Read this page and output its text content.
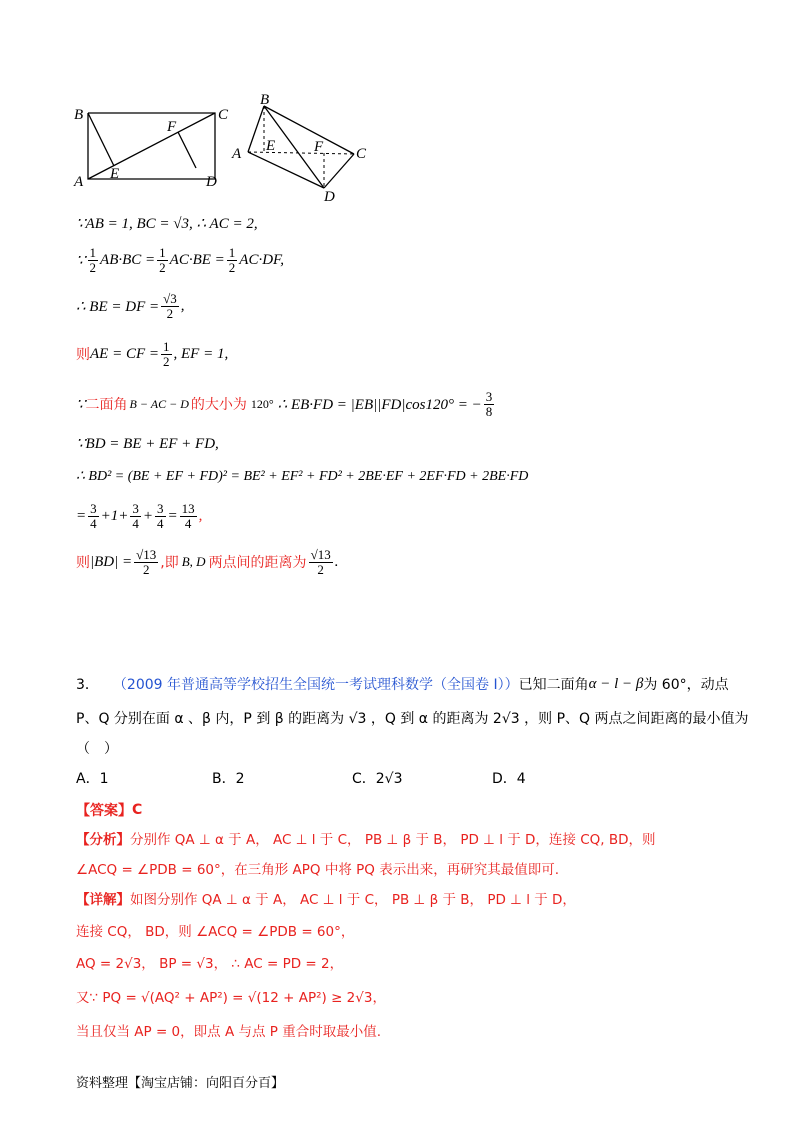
B	C
F
A E	D
B
E	F C
A
D
∵AB = 1, BC = √3, ∴ AC = 2,
∵ $\frac{1}{2} AB\cdot BC = \frac{1}{2} AC\cdot BE = \frac{1}{2} AC\cdot DF$,
∴ BE = DF = $\frac{√3}{2}$ ,
则 AE = CF = $\frac{1}{2}$ , EF = 1,
∵ 二面角 B − AC − D 的大小为 120° ∴ EB·FD = |EB||FD|cos120° = − $\frac{3}{8}$
∵BD = BE + EF + FD,
∴ BD² = (BE + EF + FD)² = BE² + EF² + FD² + 2BE·EF + 2EF·FD + 2BE·FD
= $\frac{3}{4} +1+ \frac{3}{4} + \frac{3}{4} = \frac{13}{4}$ ,
则 $|BD| = \frac{√13}{2}$ ,即 B, D 两点间的距离为 $\frac{√13}{2}$ .
3． （2009 年普通高等学校招生全国统一考试理科数学（全国卷 I）） 已知二面角 α − l − β 为 60°，动点
P、Q 分别在面 α 、β 内，P 到 β 的距离为 √3 ，Q 到 α 的距离为 2√3 ，则 P、Q 两点之间距离的最小值为
（　）
A．1	B．2	C．2√3	D．4
【答案】 C
【分析】 分别作 QA ⊥ α 于 A， AC ⊥ l 于 C， PB ⊥ β 于 B， PD ⊥ l 于 D，连接 CQ, BD，则
∠ACQ = ∠PDB = 60°，在三角形 APQ 中将 PQ 表示出来，再研究其最值即可.
【详解】 如图分别作 QA ⊥ α 于 A， AC ⊥ l 于 C， PB ⊥ β 于 B， PD ⊥ l 于 D，
连接 CQ， BD，则 ∠ACQ = ∠PDB = 60°，
AQ = 2√3， BP = √3， ∴ AC = PD = 2，
又∵ PQ = √(AQ² + AP²) = √(12 + AP²) ≥ 2√3，
当且仅当 AP = 0，即点 A 与点 P 重合时取最小值.
资料整理【淘宝店铺：向阳百分百】
